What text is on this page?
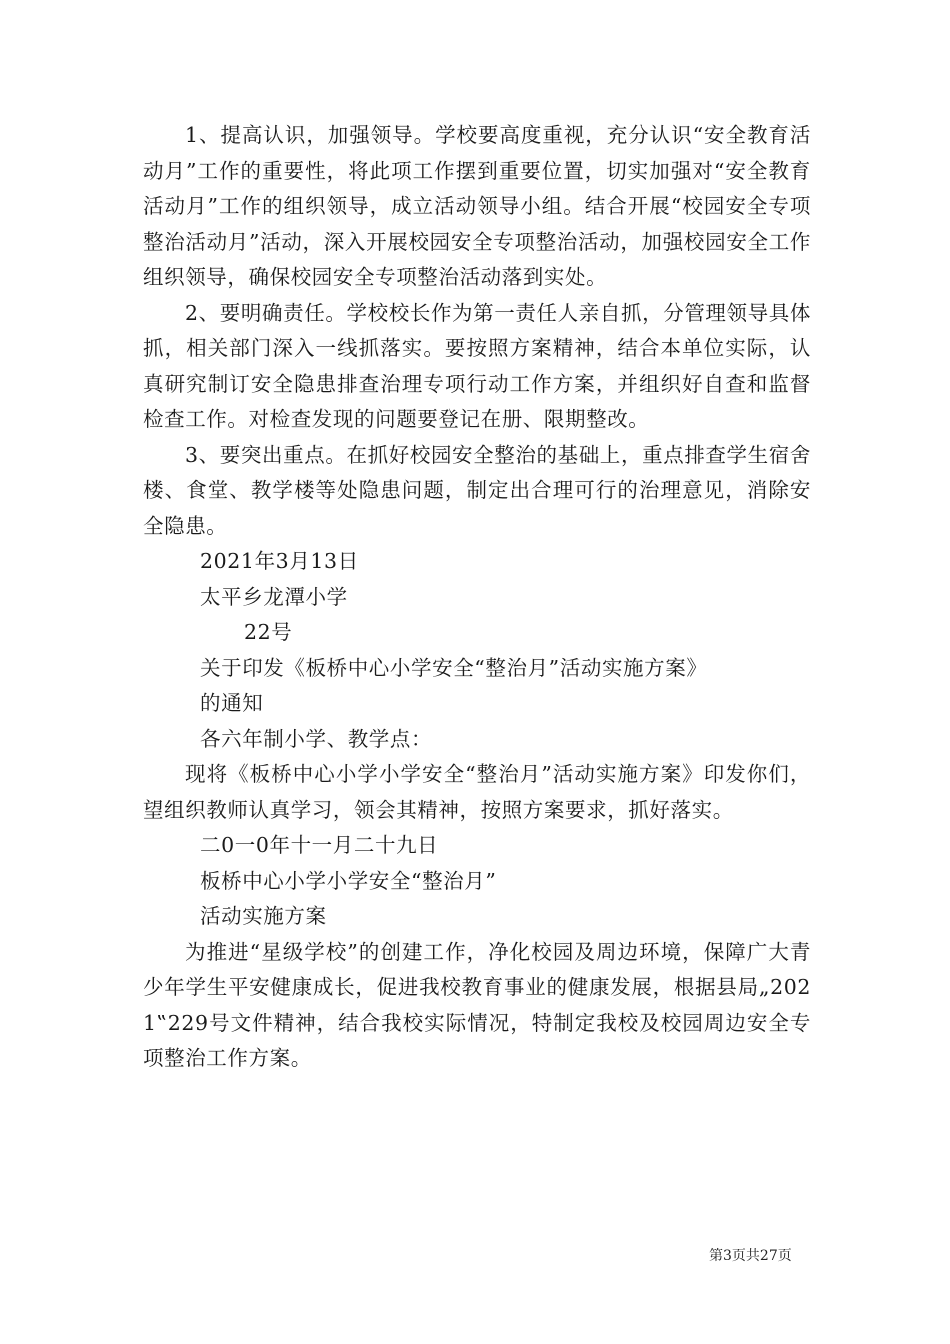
1、提高认识，加强领导。学校要高度重视，充分认识“安全教育活动月”工作的重要性，将此项工作摆到重要位置，切实加强对“安全教育活动月”工作的组织领导，成立活动领导小组。结合开展“校园安全专项整治活动月”活动，深入开展校园安全专项整治活动，加强校园安全工作组织领导，确保校园安全专项整治活动落到实处。

2、要明确责任。学校校长作为第一责任人亲自抓，分管理领导具体抓，相关部门深入一线抓落实。要按照方案精神，结合本单位实际，认真研究制订安全隐患排查治理专项行动工作方案，并组织好自查和监督检查工作。对检查发现的问题要登记在册、限期整改。

3、要突出重点。在抓好校园安全整治的基础上，重点排查学生宿舍楼、食堂、教学楼等处隐患问题，制定出合理可行的治理意见，消除安全隐患。

2021年3月13日

太平乡龙潭小学

22号

关于印发《板桥中心小学安全“整治月”活动实施方案》

的通知

各六年制小学、教学点：

现将《板桥中心小学小学安全“整治月”活动实施方案》印发你们，望组织教师认真学习，领会其精神，按照方案要求，抓好落实。

二0一0年十一月二十九日

板桥中心小学小学安全“整治月”

活动实施方案

为推进“星级学校”的创建工作，净化校园及周边环境，保障广大青少年学生平安健康成长，促进我校教育事业的健康发展，根据县局„2021‟229号文件精神，结合我校实际情况，特制定我校及校园周边安全专项整治工作方案。

第3页共27页
